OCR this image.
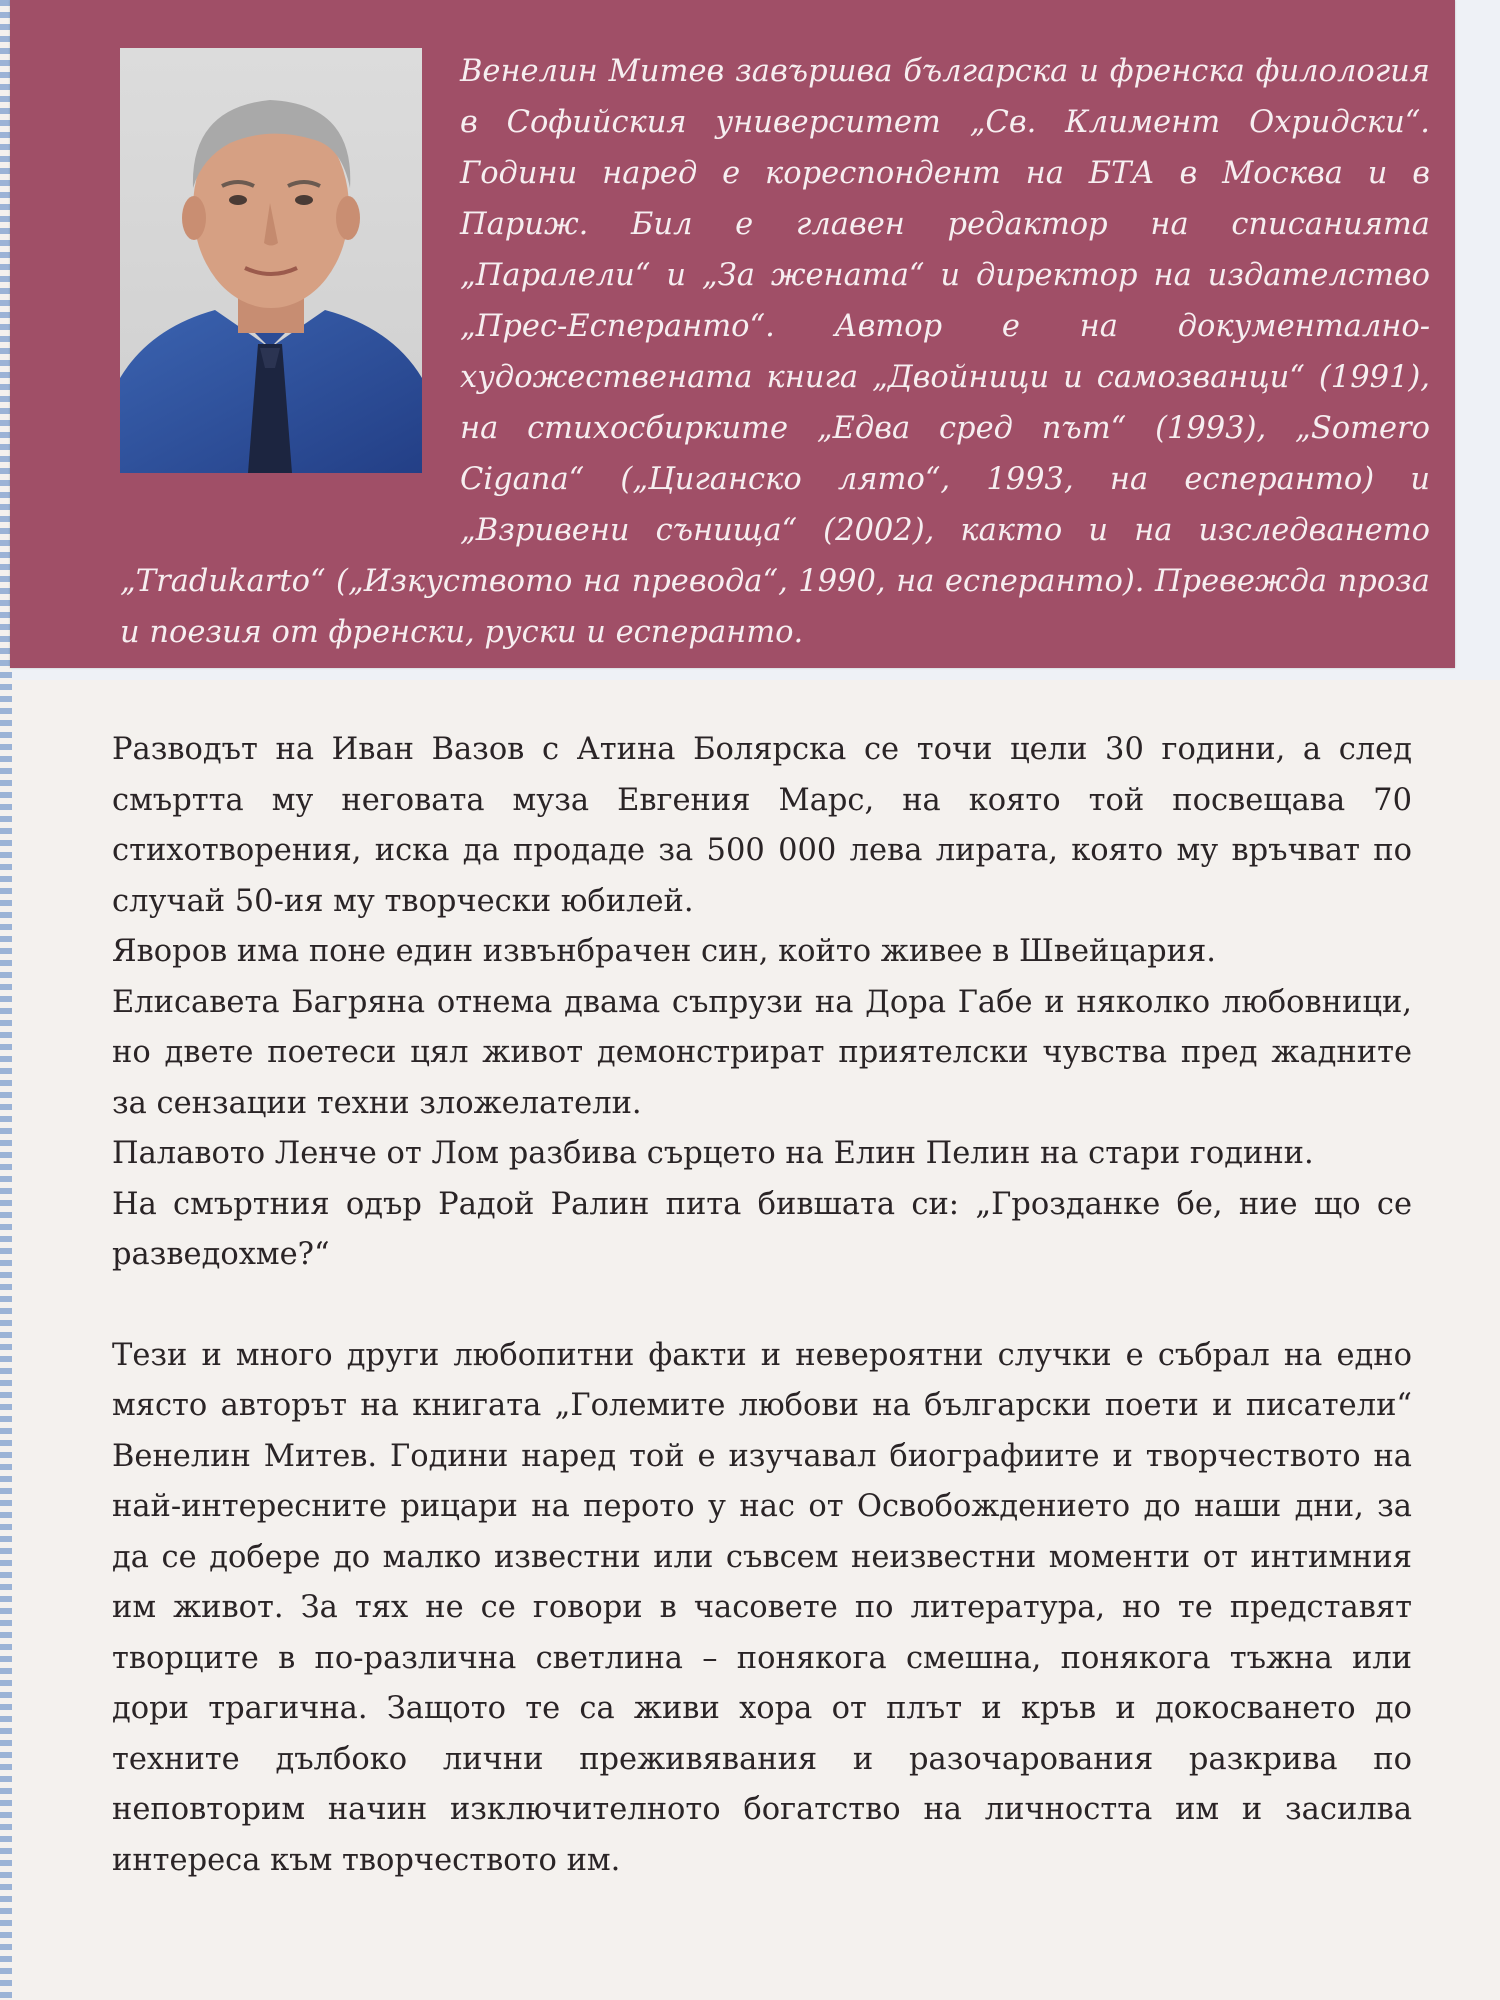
Венелин Митев завършва българска и френска филология в Софийския университет „Св. Климент Охридски“. Години наред е кореспондент на БТА в Москва и в Париж. Бил е главен редактор на списанията „Паралели“ и „За жената“ и директор на издателство „Прес-Есперанто“. Автор е на документално-художествената книга „Двойници и самозванци“ (1991), на стихосбирките „Едва сред път“ (1993), „Somero Cigana“ („Циганско лято“, 1993, на есперанто) и „Взривени сънища“ (2002), както и на изследването „Tradukarto“ („Изкуството на превода“, 1990, на есперанто). Превежда проза и поезия от френски, руски и есперанто.

Разводът на Иван Вазов с Атина Болярска се точи цели 30 години, а след смъртта му неговата муза Евгения Марс, на която той посвещава 70 стихотворения, иска да продаде за 500 000 лева лирата, която му връчват по случай 50-ия му творчески юбилей.

Яворов има поне един извънбрачен син, който живее в Швейцария.

Елисавета Багряна отнема двама съпрузи на Дора Габе и няколко любовници, но двете поетеси цял живот демонстрират приятелски чувства пред жадните за сензации техни зложелатели.

Палавото Ленче от Лом разбива сърцето на Елин Пелин на стари години.

На смъртния одър Радой Ралин пита бившата си: „Грозданке бе, ние що се разведохме?“

Тези и много други любопитни факти и невероятни случки е събрал на едно място авторът на книгата „Големите любови на български поети и писатели“ Венелин Митев. Години наред той е изучавал биографиите и творчеството на най-интересните рицари на перото у нас от Освобождението до наши дни, за да се добере до малко известни или съвсем неизвестни моменти от интимния им живот. За тях не се говори в часовете по литература, но те представят творците в по-различна светлина – понякога смешна, понякога тъжна или дори трагична. Защото те са живи хора от плът и кръв и докосването до техните дълбоко лични преживявания и разочарования разкрива по неповторим начин изключителното богатство на личността им и засилва интереса към творчеството им.
